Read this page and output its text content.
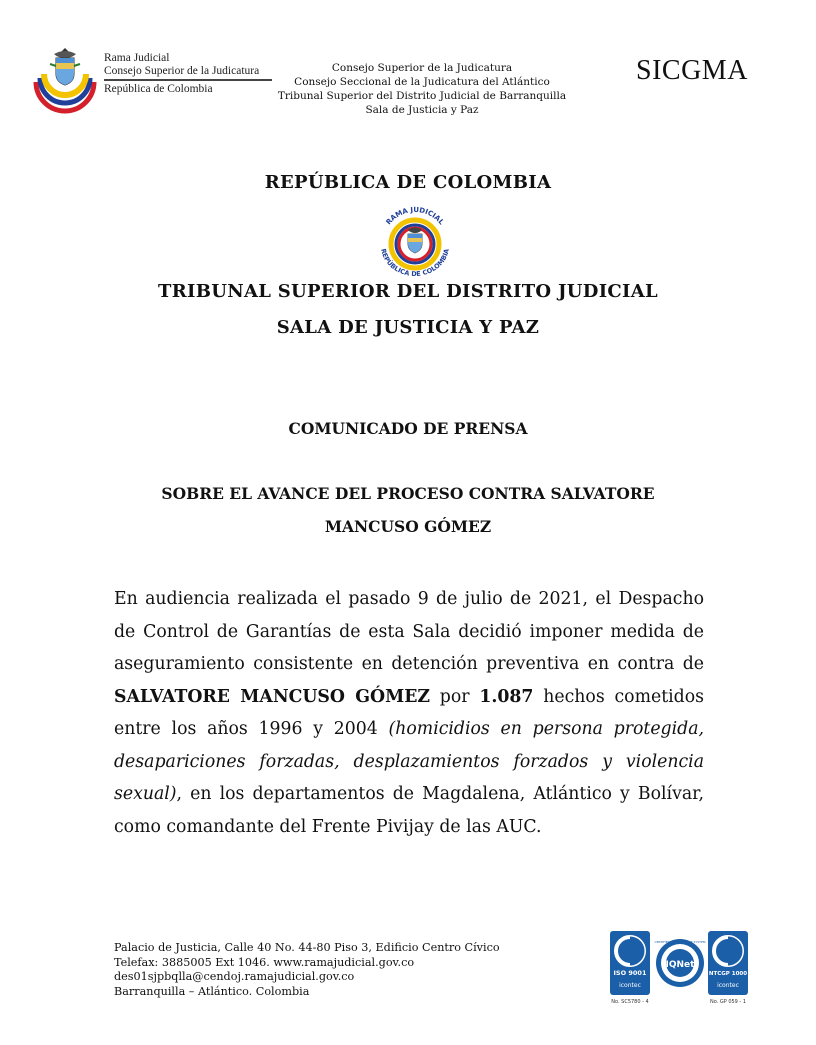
Rama Judicial
Consejo Superior de la Judicatura
República de Colombia
Consejo Superior de la Judicatura
Consejo Seccional de la Judicatura del Atlántico
Tribunal Superior del Distrito Judicial de Barranquilla
Sala de Justicia y Paz
SICGMA
REPÚBLICA DE COLOMBIA
RAMA JUDICIAL
REPÚBLICA DE COLOMBIA
TRIBUNAL SUPERIOR DEL DISTRITO JUDICIAL
SALA DE JUSTICIA Y PAZ
COMUNICADO DE PRENSA
SOBRE EL AVANCE DEL PROCESO CONTRA SALVATORE
MANCUSO GÓMEZ
En audiencia realizada el pasado 9 de julio de 2021, el Despacho de Control de Garantías de esta Sala decidió imponer medida de aseguramiento consistente en detención preventiva en contra de SALVATORE MANCUSO GÓMEZ por 1.087 hechos cometidos entre los años 1996 y 2004 (homicidios en persona protegida, desapariciones forzadas, desplazamientos forzados y violencia sexual), en los departamentos de Magdalena, Atlántico y Bolívar, como comandante del Frente Pivijay de las AUC.
Palacio de Justicia, Calle 40 No. 44-80 Piso 3, Edificio Centro Cívico
Telefax: 3885005 Ext 1046. www.ramajudicial.gov.co
des01sjpbqlla@cendoj.ramajudicial.gov.co
Barranquilla – Atlántico. Colombia
ISO 9001
icontec
No. SC5780 - 4
IQNet
CERTIFIED MANAGEMENT SYSTEM
NTCGP 1000
icontec
No. GP 059 - 1
